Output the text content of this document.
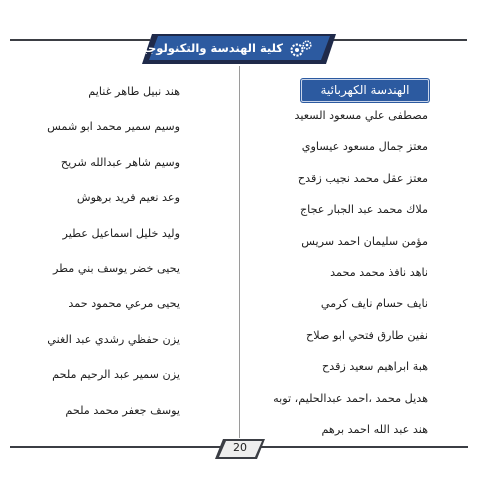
كلية الهندسة والتكنولوجيا
الهندسة الكهربائية
مصطفى علي مسعود السعيد
معتز جمال مسعود عيساوي
معتز عقل محمد نجيب زقدح
ملاك محمد عبد الجبار عجاج
مؤمن سليمان احمد سريس
ناهد نافذ محمد محمد
نايف حسام نايف كرمي
نفين طارق فتحي ابو صلاح
هبة ابراهيم سعيد زقدح
هديل محمد ،احمد عبدالحليم، توبه
هند عبد الله احمد برهم
هند نبيل طاهر غنايم
وسيم سمير محمد ابو شمس
وسيم شاهر عبدالله شريح
وعد نعيم فريد برهوش
وليد خليل اسماعيل عطير
يحيى خضر يوسف بني مطر
يحيى مرعي محمود حمد
يزن حفظي رشدي عبد الغني
يزن سمير عبد الرحيم ملحم
يوسف جعفر محمد ملحم
20
